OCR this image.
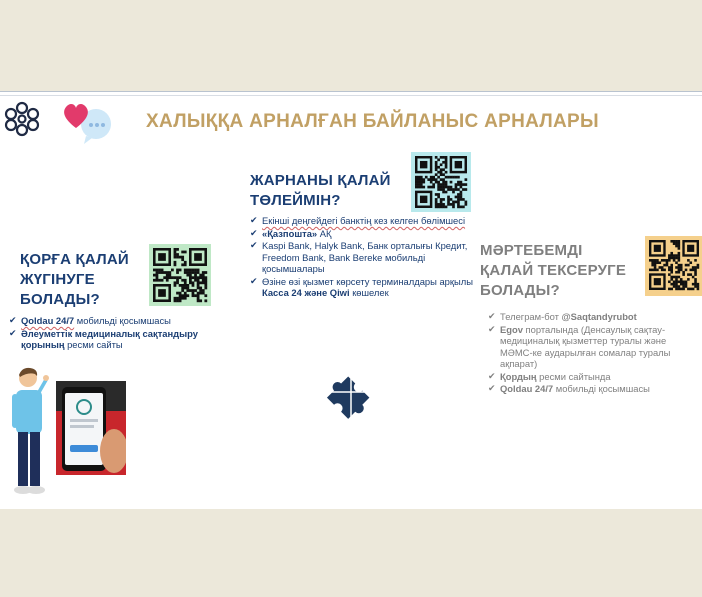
ХАЛЫҚҚА АРНАЛҒАН БАЙЛАНЫС АРНАЛАРЫ
ЖАРНАНЫ ҚАЛАЙ
ТӨЛЕЙМІН?
✔ Екінші деңгейдегі банктің кез келген бөлімшесі
✔ «Қазпошта» АҚ
✔ Kaspi Bank, Halyk Bank, Банк орталығы Кредит, Freedom Bank, Bank Bereke мобильді қосымшалары
✔ Өзіне өзі қызмет көрсету терминалдары арқылы Касса 24 және Qiwi көшелек
ҚОРҒА ҚАЛАЙ
ЖҮГІНУГЕ
БОЛАДЫ?
✔ Qoldau 24/7 мобильді қосымшасы
✔ Әлеуметтік медициналық сақтандыру қорының ресми сайты
МӘРТЕБЕМДІ
ҚАЛАЙ ТЕКСЕРУГЕ
БОЛАДЫ?
✔ Телеграм-бот @Saqtandyrubot
✔ Egov порталында (Денсаулық сақтау-медициналық қызметтер туралы және МӘМС-ке аударылған сомалар туралы ақпарат)
✔ Қордың ресми сайтында
✔ Qoldau 24/7 мобильді қосымшасы
